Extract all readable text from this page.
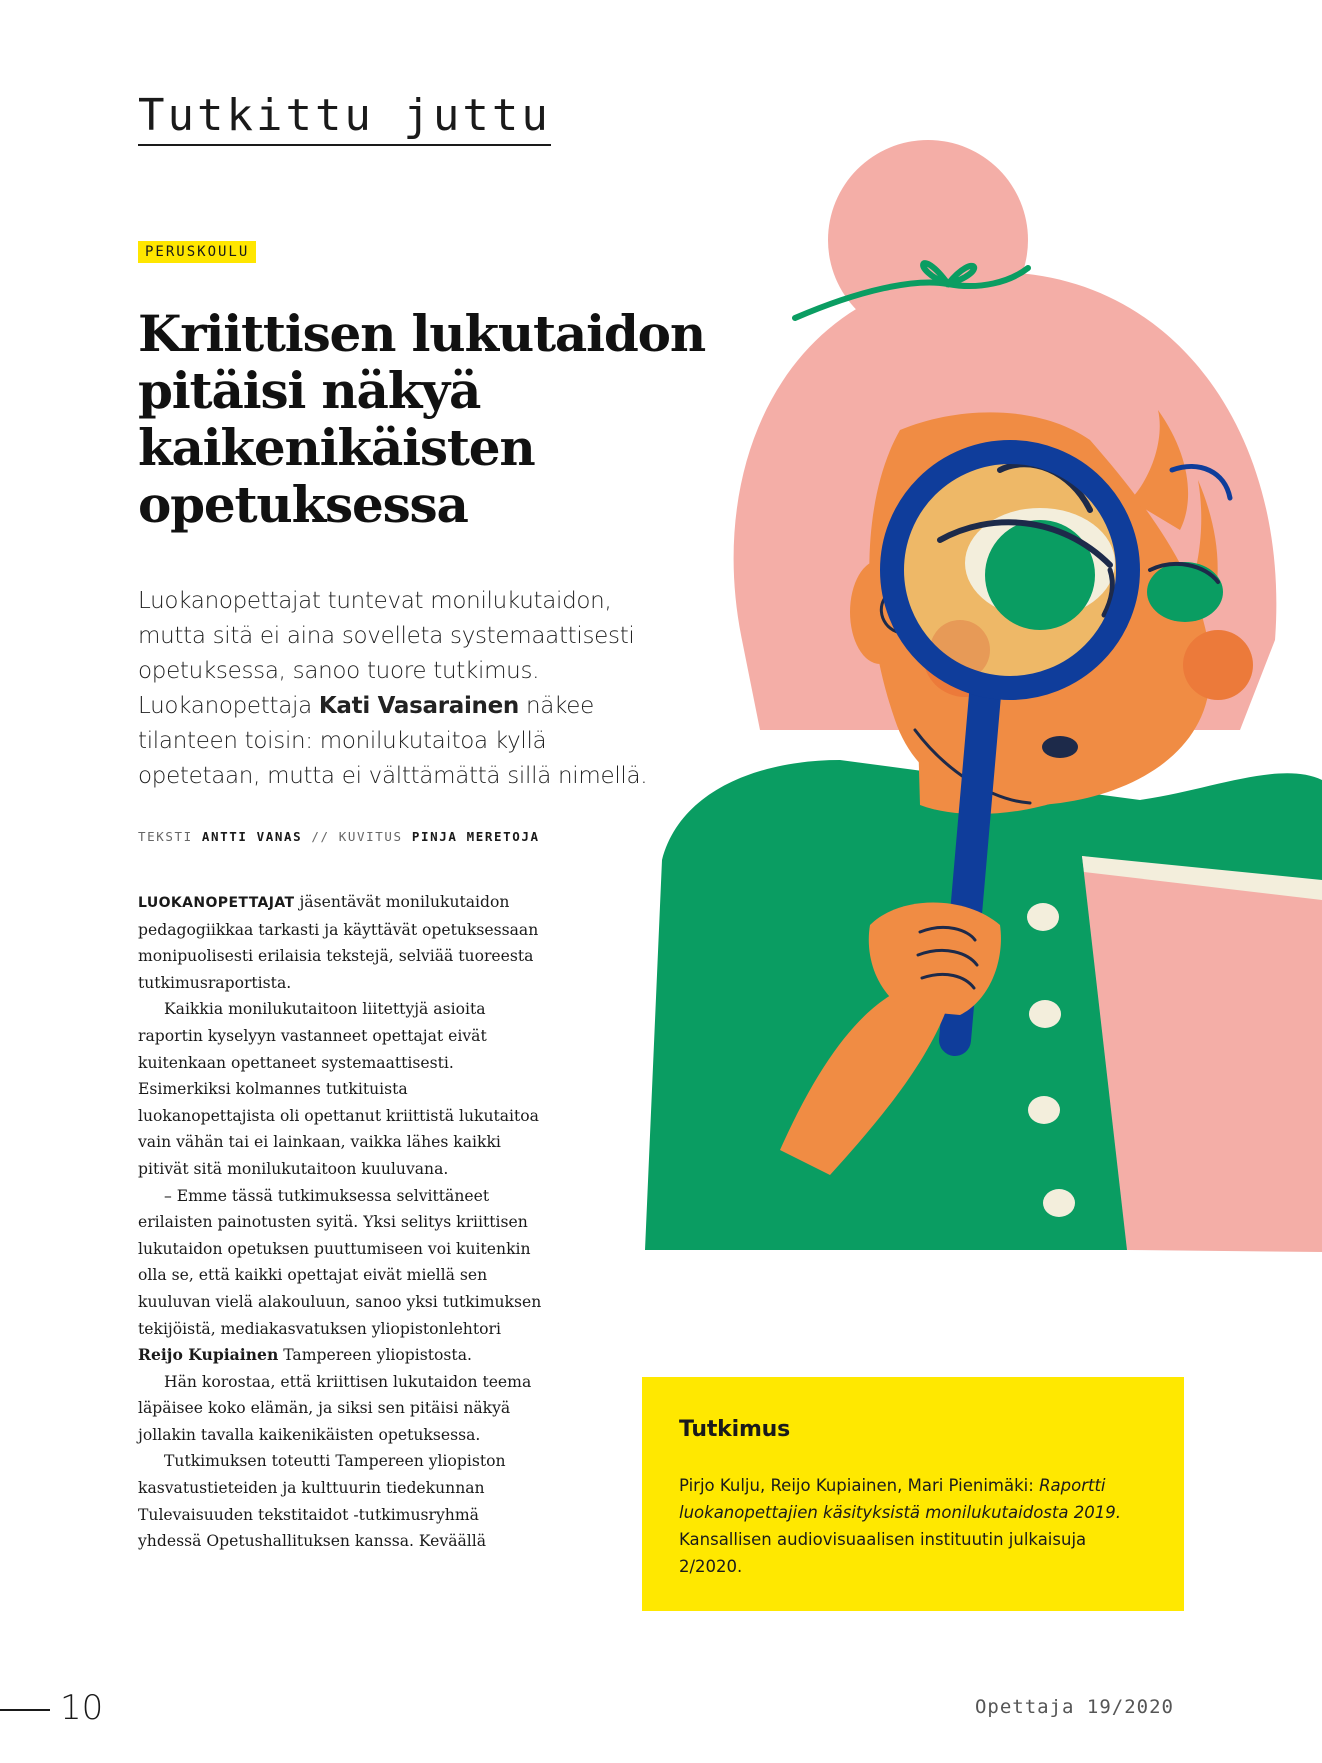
Tutkittu juttu
PERUSKOULU
Kriittisen lukutaidon
pitäisi näkyä
kaikenikäisten
opetuksessa

Luokanopettajat tuntevat monilukutaidon, mutta sitä ei aina sovelleta systemaattisesti opetuksessa, sanoo tuore tutkimus. Luokanopettaja Kati Vasarainen näkee tilanteen toisin: monilukutaitoa kyllä opetetaan, mutta ei välttämättä sillä nimellä.

TEKSTI ANTTI VANAS // KUVITUS PINJA MERETOJA

LUOKANOPETTAJAT jäsentävät monilukutaidon pedagogiikkaa tarkasti ja käyttävät opetuksessaan monipuolisesti erilaisia tekstejä, selviää tuoreesta tutkimusraportista.

Kaikkia monilukutaitoon liitettyjä asioita raportin kyselyyn vastanneet opettajat eivät kuitenkaan opettaneet systemaattisesti. Esimerkiksi kolmannes tutkituista luokanopettajista oli opettanut kriittistä lukutaitoa vain vähän tai ei lainkaan, vaikka lähes kaikki pitivät sitä monilukutaitoon kuuluvana.

– Emme tässä tutkimuksessa selvittäneet erilaisten painotusten syitä. Yksi selitys kriittisen lukutaidon opetuksen puuttumiseen voi kuitenkin olla se, että kaikki opettajat eivät miellä sen kuuluvan vielä alakouluun, sanoo yksi tutkimuksen tekijöistä, mediakasvatuksen yliopistonlehtori Reijo Kupiainen Tampereen yliopistosta.

Hän korostaa, että kriittisen lukutaidon teema läpäisee koko elämän, ja siksi sen pitäisi näkyä jollakin tavalla kaikenikäisten opetuksessa.

Tutkimuksen toteutti Tampereen yliopiston kasvatustieteiden ja kulttuurin tiedekunnan Tulevaisuuden tekstitaidot -tutkimusryhmä yhdessä Opetushallituksen kanssa. Keväällä

Tutkimus

Pirjo Kulju, Reijo Kupiainen, Mari Pienimäki: Raportti luokanopettajien käsityksistä monilukutaidosta 2019. Kansallisen audiovisuaalisen instituutin julkaisuja 2/2020.

10	Opettaja 19/2020
